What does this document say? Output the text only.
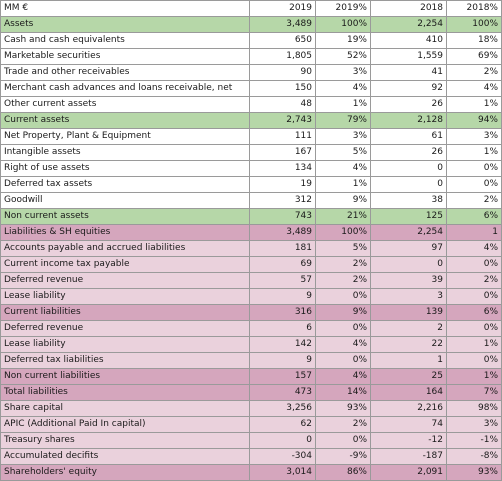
MM €	2019	2019%	2018	2018%
Assets	3,489	100%	2,254	100%
Cash and cash equivalents	650	19%	410	18%
Marketable securities	1,805	52%	1,559	69%
Trade and other receivables	90	3%	41	2%
Merchant cash advances and loans receivable, net	150	4%	92	4%
Other current assets	48	1%	26	1%
Current assets	2,743	79%	2,128	94%
Net Property, Plant & Equipment	111	3%	61	3%
Intangible assets	167	5%	26	1%
Right of use assets	134	4%	0	0%
Deferred tax assets	19	1%	0	0%
Goodwill	312	9%	38	2%
Non current assets	743	21%	125	6%
Liabilities & SH equities	3,489	100%	2,254	1
Accounts payable and accrued liabilities	181	5%	97	4%
Current income tax payable	69	2%	0	0%
Deferred revenue	57	2%	39	2%
Lease liability	9	0%	3	0%
Current liabilities	316	9%	139	6%
Deferred revenue	6	0%	2	0%
Lease liability	142	4%	22	1%
Deferred tax liabilities	9	0%	1	0%
Non current liabilities	157	4%	25	1%
Total liabilities	473	14%	164	7%
Share capital	3,256	93%	2,216	98%
APIC (Additional Paid In capital)	62	2%	74	3%
Treasury shares	0	0%	-12	-1%
Accumulated decifits	-304	-9%	-187	-8%
Shareholders' equity	3,014	86%	2,091	93%
